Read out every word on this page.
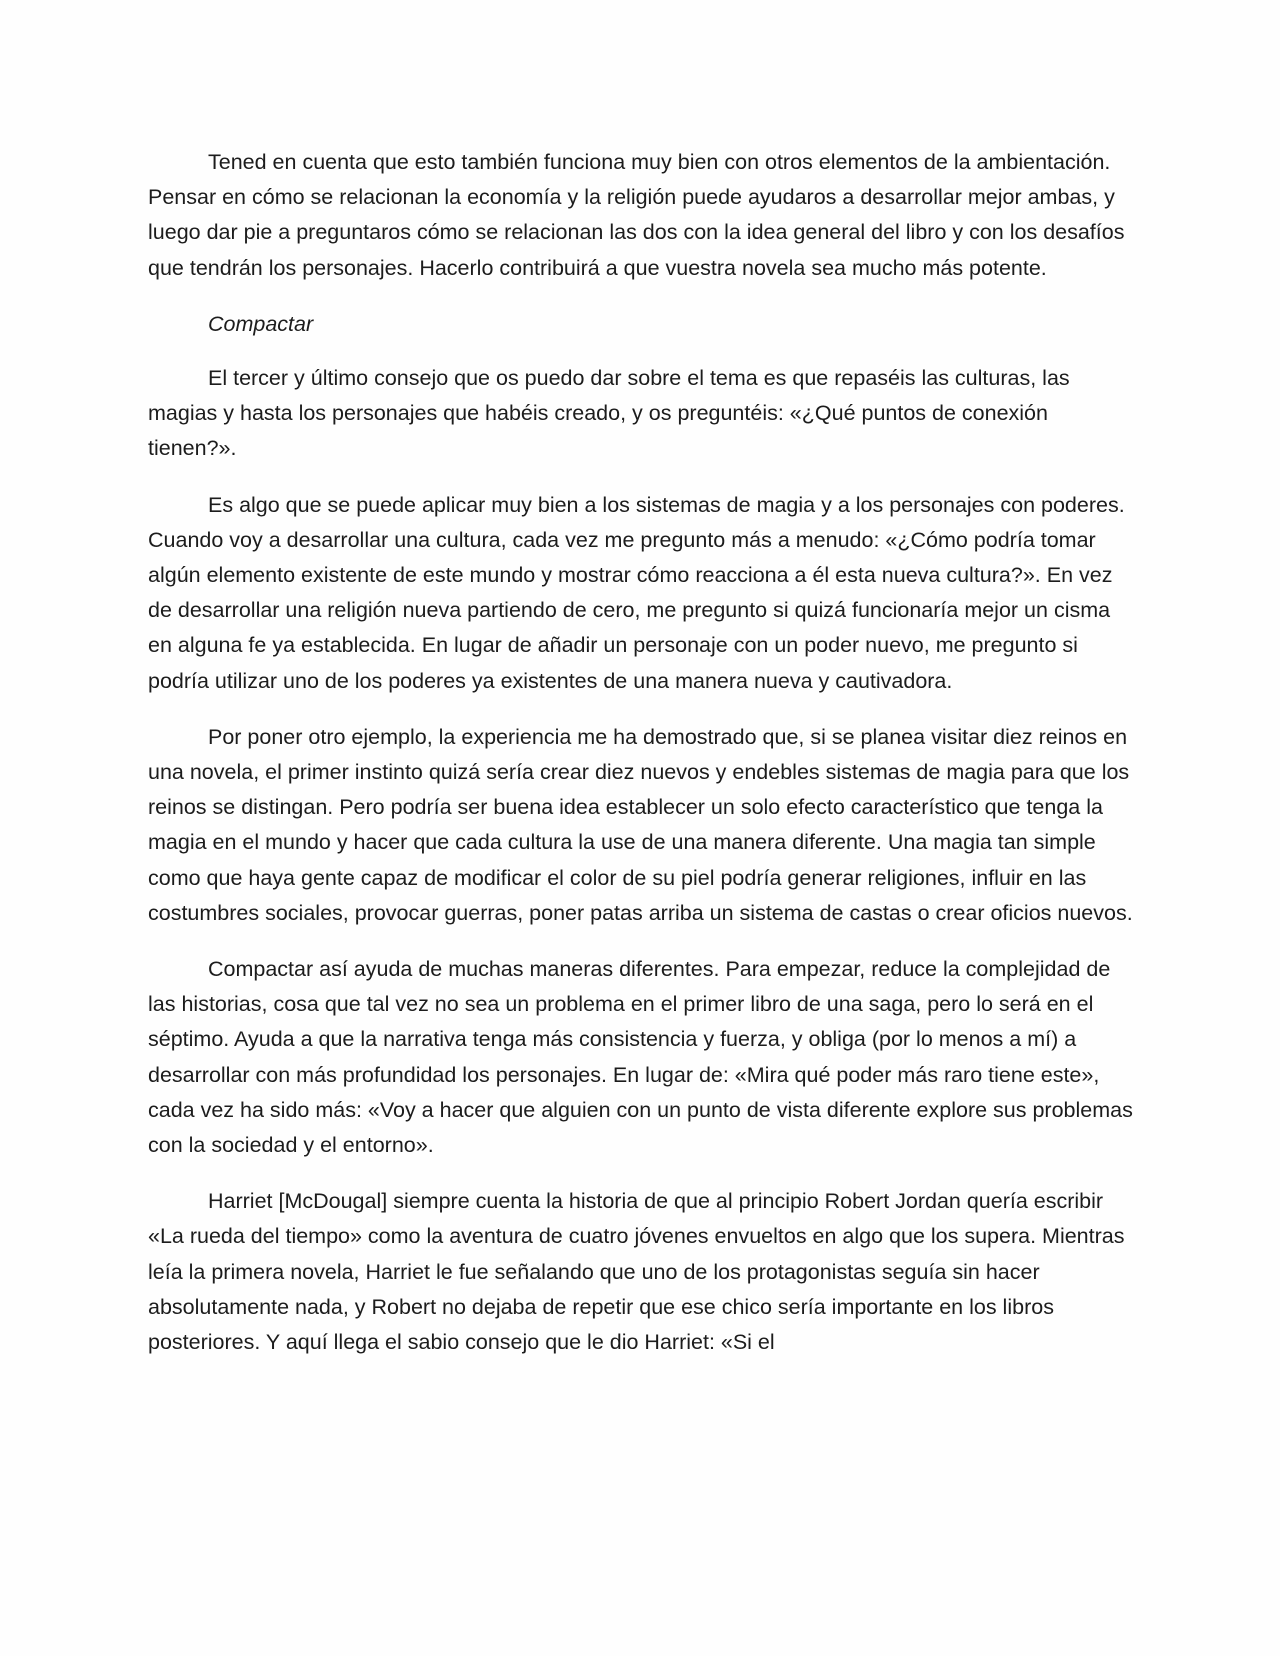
Tened en cuenta que esto también funciona muy bien con otros elementos de la ambientación. Pensar en cómo se relacionan la economía y la religión puede ayudaros a desarrollar mejor ambas, y luego dar pie a preguntaros cómo se relacionan las dos con la idea general del libro y con los desafíos que tendrán los personajes. Hacerlo contribuirá a que vuestra novela sea mucho más potente.

Compactar

El tercer y último consejo que os puedo dar sobre el tema es que repaséis las culturas, las magias y hasta los personajes que habéis creado, y os preguntéis: «¿Qué puntos de conexión tienen?».

Es algo que se puede aplicar muy bien a los sistemas de magia y a los personajes con poderes. Cuando voy a desarrollar una cultura, cada vez me pregunto más a menudo: «¿Cómo podría tomar algún elemento existente de este mundo y mostrar cómo reacciona a él esta nueva cultura?». En vez de desarrollar una religión nueva partiendo de cero, me pregunto si quizá funcionaría mejor un cisma en alguna fe ya establecida. En lugar de añadir un personaje con un poder nuevo, me pregunto si podría utilizar uno de los poderes ya existentes de una manera nueva y cautivadora.

Por poner otro ejemplo, la experiencia me ha demostrado que, si se planea visitar diez reinos en una novela, el primer instinto quizá sería crear diez nuevos y endebles sistemas de magia para que los reinos se distingan. Pero podría ser buena idea establecer un solo efecto característico que tenga la magia en el mundo y hacer que cada cultura la use de una manera diferente. Una magia tan simple como que haya gente capaz de modificar el color de su piel podría generar religiones, influir en las costumbres sociales, provocar guerras, poner patas arriba un sistema de castas o crear oficios nuevos.

Compactar así ayuda de muchas maneras diferentes. Para empezar, reduce la complejidad de las historias, cosa que tal vez no sea un problema en el primer libro de una saga, pero lo será en el séptimo. Ayuda a que la narrativa tenga más consistencia y fuerza, y obliga (por lo menos a mí) a desarrollar con más profundidad los personajes. En lugar de: «Mira qué poder más raro tiene este», cada vez ha sido más: «Voy a hacer que alguien con un punto de vista diferente explore sus problemas con la sociedad y el entorno».

Harriet [McDougal] siempre cuenta la historia de que al principio Robert Jordan quería escribir «La rueda del tiempo» como la aventura de cuatro jóvenes envueltos en algo que los supera. Mientras leía la primera novela, Harriet le fue señalando que uno de los protagonistas seguía sin hacer absolutamente nada, y Robert no dejaba de repetir que ese chico sería importante en los libros posteriores. Y aquí llega el sabio consejo que le dio Harriet: «Si el
